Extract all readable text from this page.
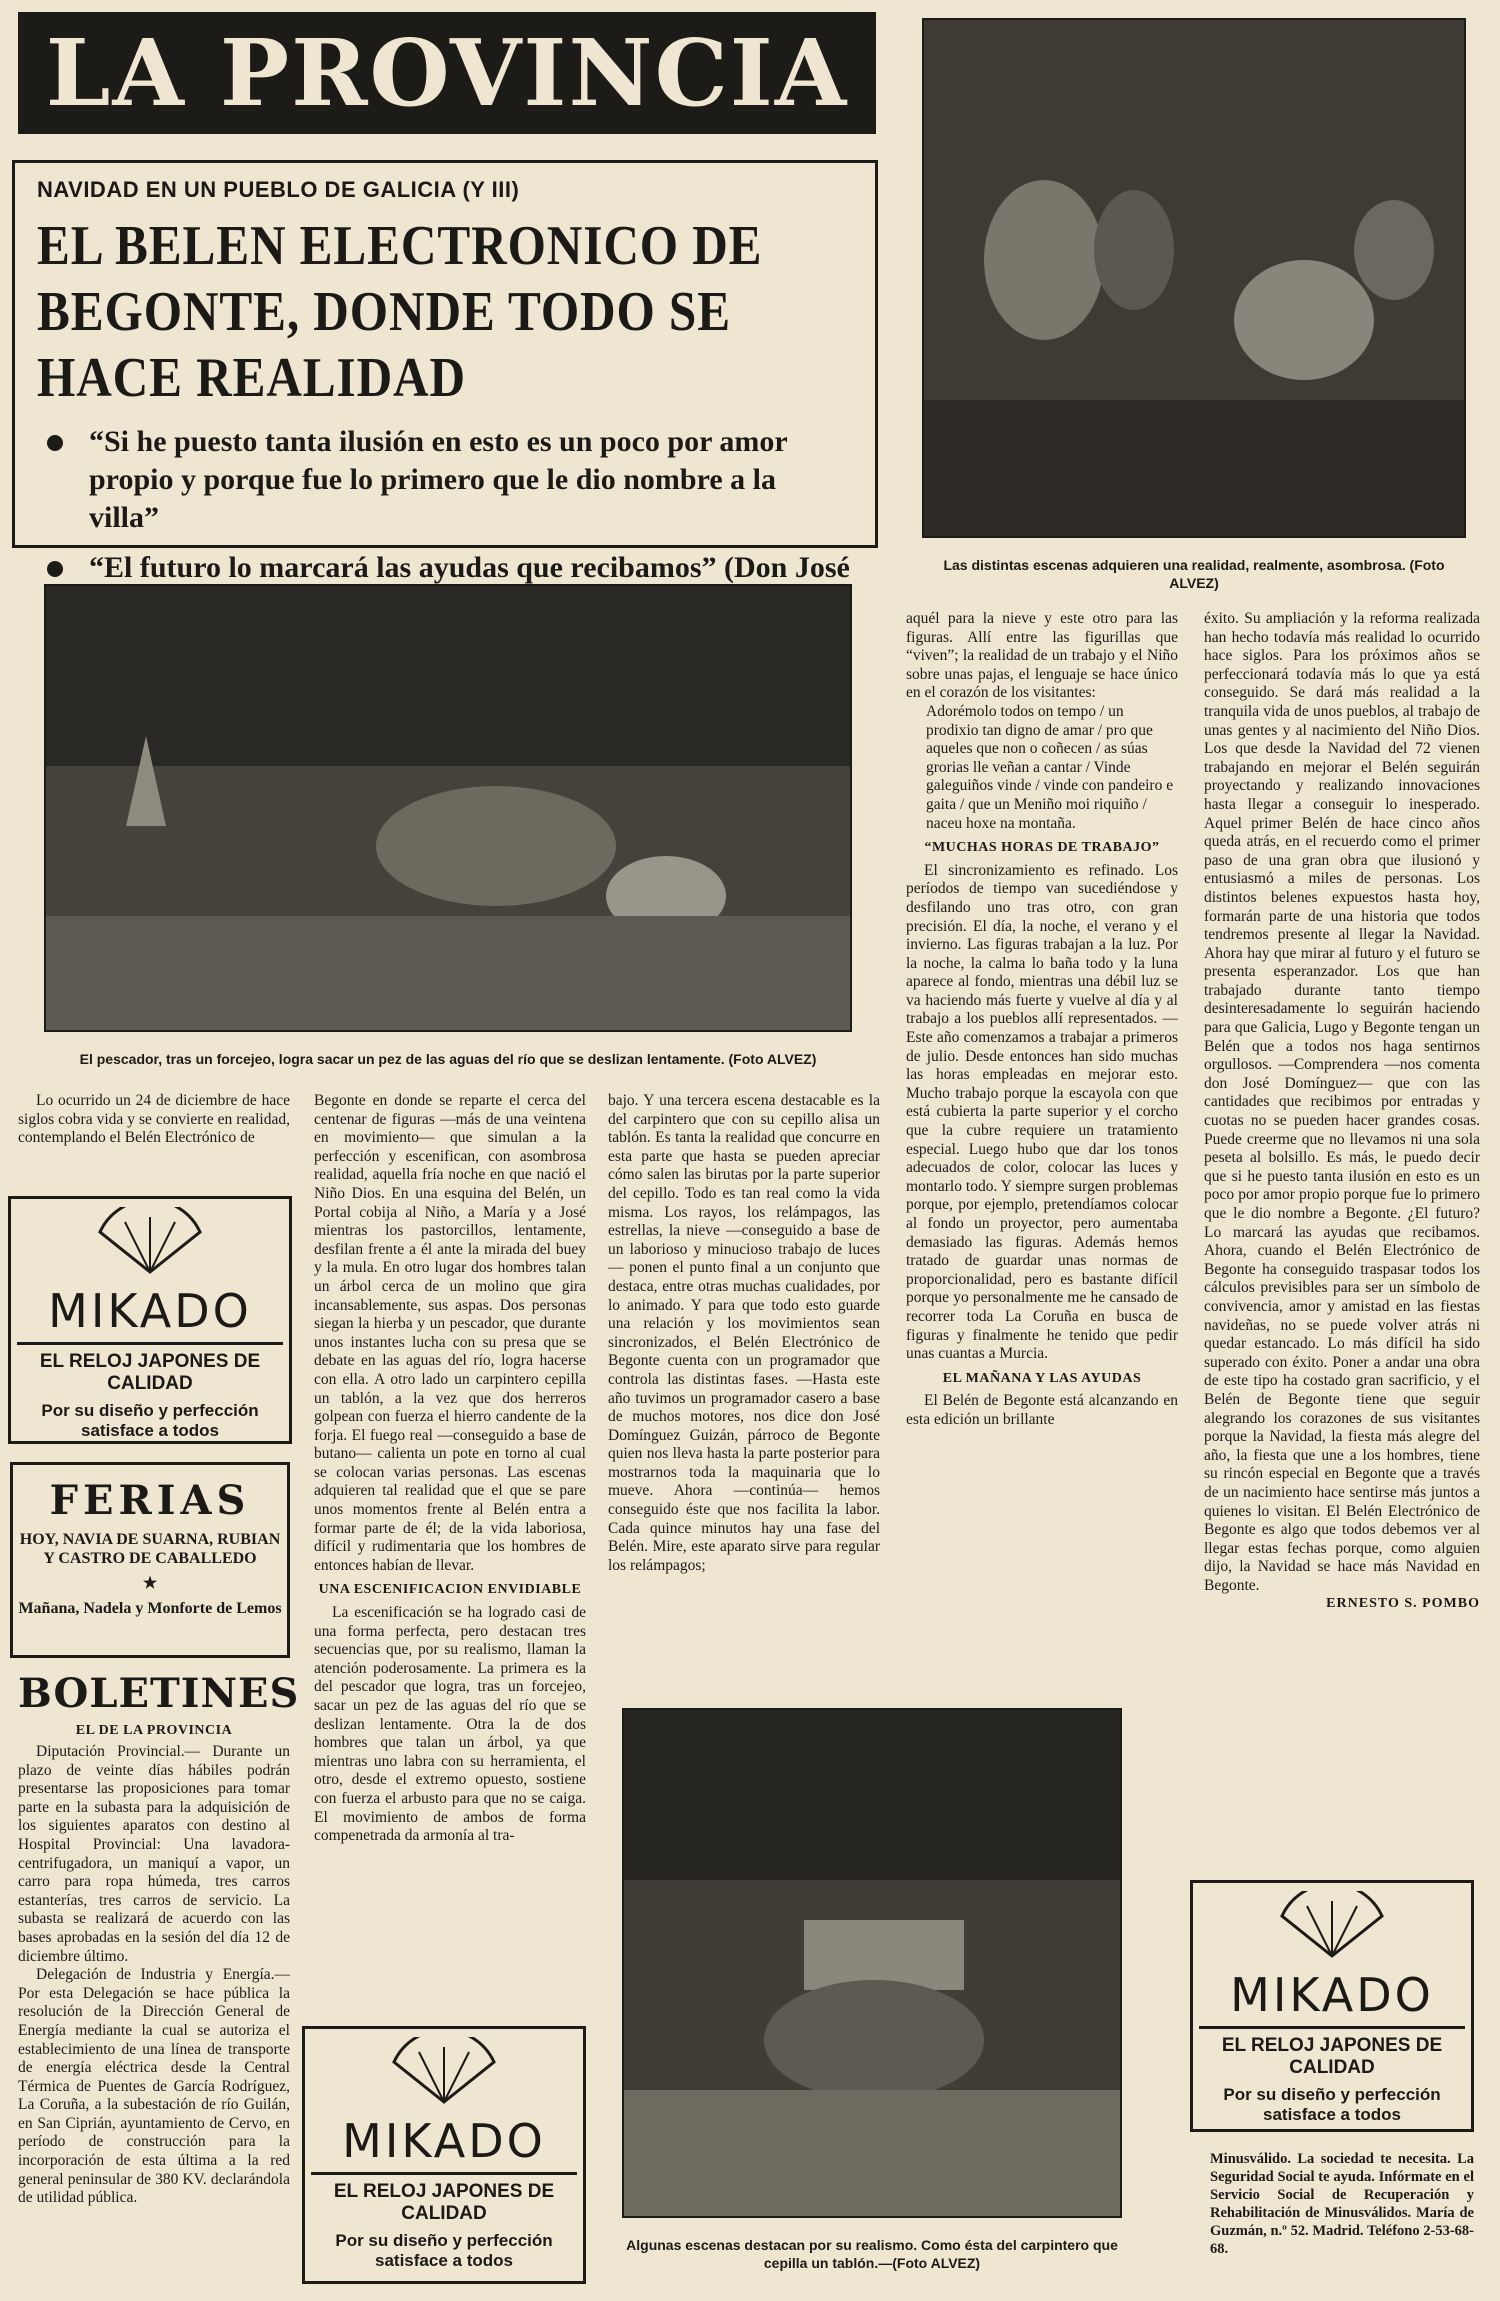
LA PROVINCIA
NAVIDAD EN UN PUEBLO DE GALICIA (Y III)
EL BELEN ELECTRONICO DE BEGONTE, DONDE TODO SE HACE REALIDAD
“Si he puesto tanta ilusión en esto es un poco por amor propio y porque fue lo primero que le dio nombre a la villa”
“El futuro lo marcará las ayudas que recibamos” (Don José	Las distintas escenas adquieren una realidad, realmente, asombrosa. (Foto ALVEZ)
El pescador, tras un forcejeo, logra sacar un pez de las aguas del río que se deslizan lentamente. (Foto ALVEZ)

Lo ocurrido un 24 de diciembre de hace siglos cobra vida y se convierte en realidad, contemplando el Belén Electrónico de

MIKADO
EL RELOJ JAPONES DE CALIDAD
Por su diseño y perfección satisface a todos
FERIAS
HOY, NAVIA DE SUARNA, RUBIAN Y CASTRO DE CABALLEDO
★
Mañana, Nadela y Monforte de Lemos
BOLETINES
EL DE LA PROVINCIA

Diputación Provincial.— Durante un plazo de veinte días hábiles podrán presentarse las proposiciones para tomar parte en la subasta para la adquisición de los siguientes aparatos con destino al Hospital Provincial: Una lavadora-centrifugadora, un maniquí a vapor, un carro para ropa húmeda, tres carros estanterías, tres carros de servicio. La subasta se realizará de acuerdo con las bases aprobadas en la sesión del día 12 de diciembre último.

Delegación de Industria y Energía.— Por esta Delegación se hace pública la resolución de la Dirección General de Energía mediante la cual se autoriza el establecimiento de una línea de transporte de energía eléctrica desde la Central Térmica de Puentes de García Rodríguez, La Coruña, a la subestación de río Guilán, en San Ciprián, ayuntamiento de Cervo, en período de construcción para la incorporación de esta última a la red general peninsular de 380 KV. declarándola de utilidad pública.

Begonte en donde se reparte el cerca del centenar de figuras —más de una veintena en movimiento— que simulan a la perfección y escenifican, con asombrosa realidad, aquella fría noche en que nació el Niño Dios. En una esquina del Belén, un Portal cobija al Niño, a María y a José mientras los pastorcillos, lentamente, desfilan frente a él ante la mirada del buey y la mula. En otro lugar dos hombres talan un árbol cerca de un molino que gira incansablemente, sus aspas. Dos personas siegan la hierba y un pescador, que durante unos instantes lucha con su presa que se debate en las aguas del río, logra hacerse con ella. A otro lado un carpintero cepilla un tablón, a la vez que dos herreros golpean con fuerza el hierro candente de la forja. El fuego real —conseguido a base de butano— calienta un pote en torno al cual se colocan varias personas. Las escenas adquieren tal realidad que el que se pare unos momentos frente al Belén entra a formar parte de él; de la vida laboriosa, difícil y rudimentaria que los hombres de entonces habían de llevar.

UNA ESCENIFICACION ENVIDIABLE

La escenificación se ha logrado casi de una forma perfecta, pero destacan tres secuencias que, por su realismo, llaman la atención poderosamente. La primera es la del pescador que logra, tras un forcejeo, sacar un pez de las aguas del río que se deslizan lentamente. Otra la de dos hombres que talan un árbol, ya que mientras uno labra con su herramienta, el otro, desde el extremo opuesto, sostiene con fuerza el arbusto para que no se caiga. El movimiento de ambos de forma compenetrada da armonía al tra-

MIKADO
EL RELOJ JAPONES DE CALIDAD
Por su diseño y perfección satisface a todos

bajo. Y una tercera escena destacable es la del carpintero que con su cepillo alisa un tablón. Es tanta la realidad que concurre en esta parte que hasta se pueden apreciar cómo salen las birutas por la parte superior del cepillo. Todo es tan real como la vida misma. Los rayos, los relámpagos, las estrellas, la nieve —conseguido a base de un laborioso y minucioso trabajo de luces— ponen el punto final a un conjunto que destaca, entre otras muchas cualidades, por lo animado. Y para que todo esto guarde una relación y los movimientos sean sincronizados, el Belén Electrónico de Begonte cuenta con un programador que controla las distintas fases. —Hasta este año tuvimos un programador casero a base de muchos motores, nos dice don José Domínguez Guizán, párroco de Begonte quien nos lleva hasta la parte posterior para mostrarnos toda la maquinaria que lo mueve. Ahora —continúa— hemos conseguido éste que nos facilita la labor. Cada quince minutos hay una fase del Belén. Mire, este aparato sirve para regular los relámpagos;

aquél para la nieve y este otro para las figuras. Allí entre las figurillas que “viven”; la realidad de un trabajo y el Niño sobre unas pajas, el lenguaje se hace único en el corazón de los visitantes:

Adorémolo todos on tempo / un prodixio tan digno de amar / pro que aqueles que non o coñecen / as súas grorias lle veñan a cantar / Vinde galeguiños vinde / vinde con pandeiro e gaita / que un Meniño moi riquiño / naceu hoxe na montaña.

“MUCHAS HORAS DE TRABAJO”

El sincronizamiento es refinado. Los períodos de tiempo van sucediéndose y desfilando uno tras otro, con gran precisión. El día, la noche, el verano y el invierno. Las figuras trabajan a la luz. Por la noche, la calma lo baña todo y la luna aparece al fondo, mientras una débil luz se va haciendo más fuerte y vuelve al día y al trabajo a los pueblos allí representados. —Este año comenzamos a trabajar a primeros de julio. Desde entonces han sido muchas las horas empleadas en mejorar esto. Mucho trabajo porque la escayola con que está cubierta la parte superior y el corcho que la cubre requiere un tratamiento especial. Luego hubo que dar los tonos adecuados de color, colocar las luces y montarlo todo. Y siempre surgen problemas porque, por ejemplo, pretendíamos colocar al fondo un proyector, pero aumentaba demasiado las figuras. Además hemos tratado de guardar unas normas de proporcionalidad, pero es bastante difícil porque yo personalmente me he cansado de recorrer toda La Coruña en busca de figuras y finalmente he tenido que pedir unas cuantas a Murcia.

EL MAÑANA Y LAS AYUDAS

El Belén de Begonte está alcanzando en esta edición un brillante

Algunas escenas destacan por su realismo. Como ésta del carpintero que cepilla un tablón.—(Foto ALVEZ)

éxito. Su ampliación y la reforma realizada han hecho todavía más realidad lo ocurrido hace siglos. Para los próximos años se perfeccionará todavía más lo que ya está conseguido. Se dará más realidad a la tranquila vida de unos pueblos, al trabajo de unas gentes y al nacimiento del Niño Dios. Los que desde la Navidad del 72 vienen trabajando en mejorar el Belén seguirán proyectando y realizando innovaciones hasta llegar a conseguir lo inesperado. Aquel primer Belén de hace cinco años queda atrás, en el recuerdo como el primer paso de una gran obra que ilusionó y entusiasmó a miles de personas. Los distintos belenes expuestos hasta hoy, formarán parte de una historia que todos tendremos presente al llegar la Navidad. Ahora hay que mirar al futuro y el futuro se presenta esperanzador. Los que han trabajado durante tanto tiempo desinteresadamente lo seguirán haciendo para que Galicia, Lugo y Begonte tengan un Belén que a todos nos haga sentirnos orgullosos. —Comprendera —nos comenta don José Domínguez— que con las cantidades que recibimos por entradas y cuotas no se pueden hacer grandes cosas. Puede creerme que no llevamos ni una sola peseta al bolsillo. Es más, le puedo decir que si he puesto tanta ilusión en esto es un poco por amor propio porque fue lo primero que le dio nombre a Begonte. ¿El futuro? Lo marcará las ayudas que recibamos. Ahora, cuando el Belén Electrónico de Begonte ha conseguido traspasar todos los cálculos previsibles para ser un símbolo de convivencia, amor y amistad en las fiestas navideñas, no se puede volver atrás ni quedar estancado. Lo más difícil ha sido superado con éxito. Poner a andar una obra de este tipo ha costado gran sacrificio, y el Belén de Begonte tiene que seguir alegrando los corazones de sus visitantes porque la Navidad, la fiesta más alegre del año, la fiesta que une a los hombres, tiene su rincón especial en Begonte que a través de un nacimiento hace sentirse más juntos a quienes lo visitan. El Belén Electrónico de Begonte es algo que todos debemos ver al llegar estas fechas porque, como alguien dijo, la Navidad se hace más Navidad en Begonte.

ERNESTO S. POMBO
MIKADO
EL RELOJ JAPONES DE CALIDAD
Por su diseño y perfección satisface a todos

Minusválido. La sociedad te necesita. La Seguridad Social te ayuda. Infórmate en el Servicio Social de Recuperación y Rehabilitación de Minusválidos. María de Guzmán, n.º 52. Madrid. Teléfono 2-53-68-68.
